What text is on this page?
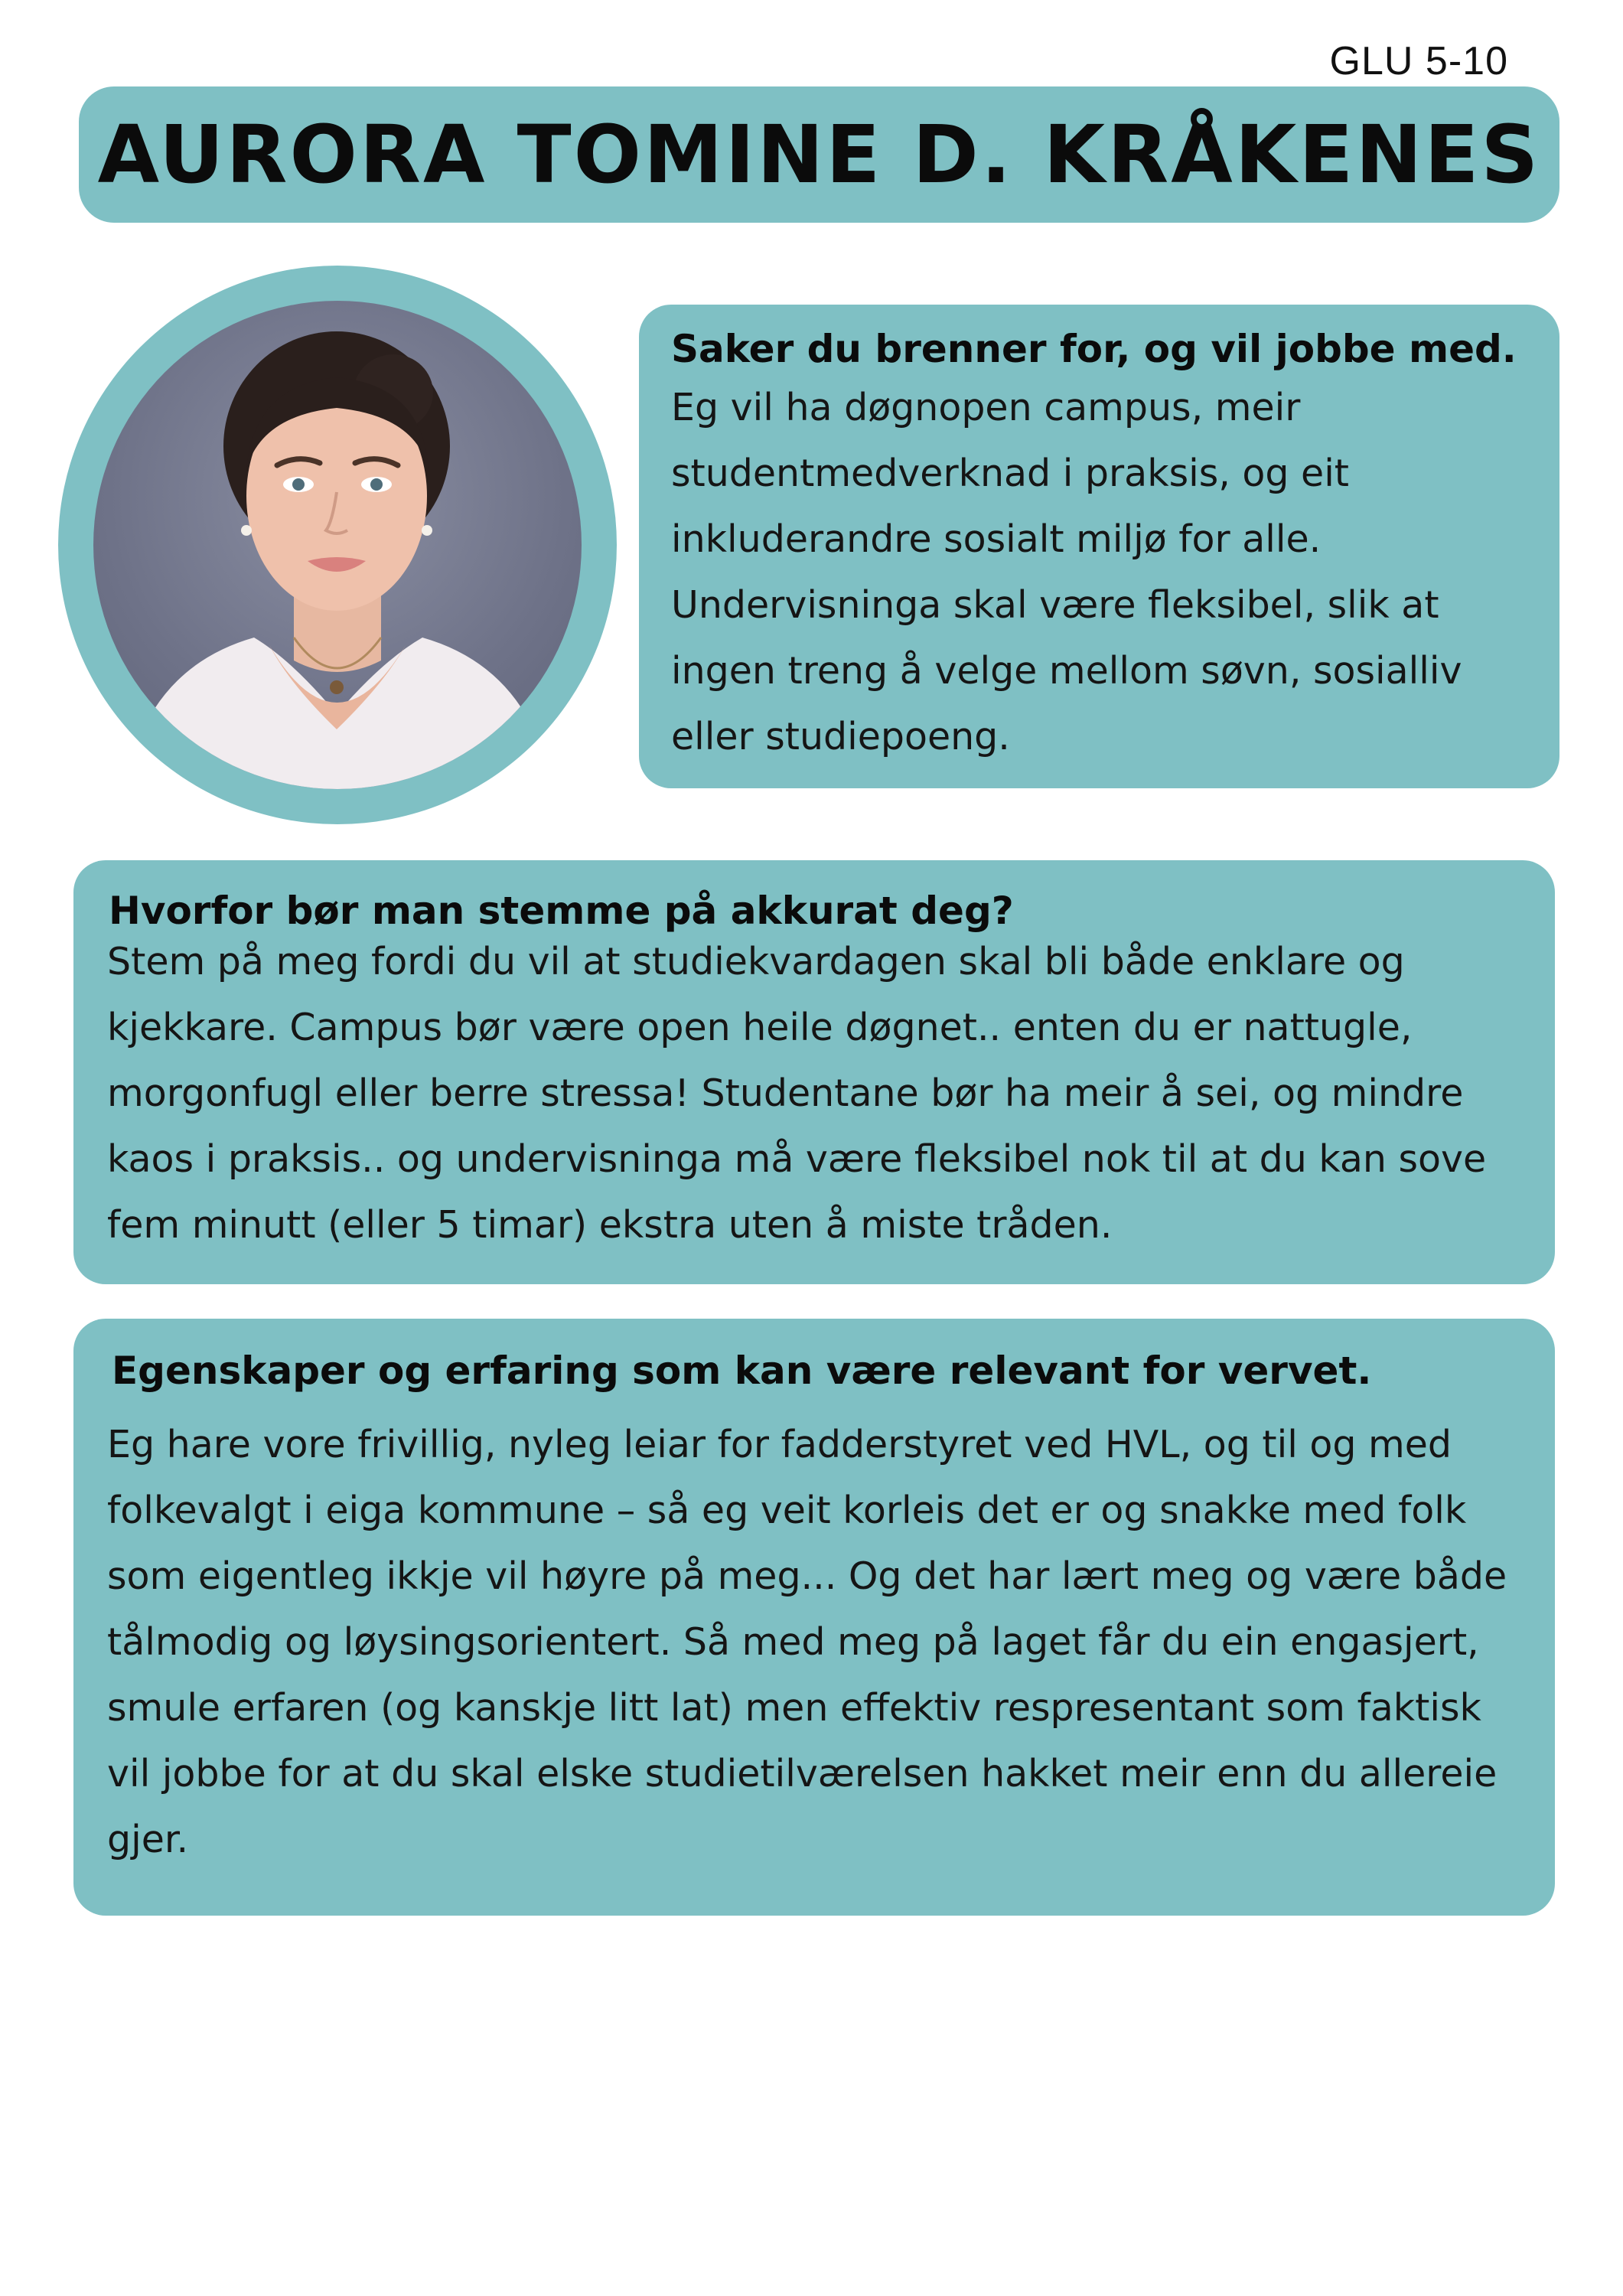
GLU 5-10
AURORA TOMINE D. KRÅKENES
Saker du brenner for, og vil jobbe med.

Eg vil ha døgnopen campus, meir studentmedverknad i praksis, og eit inkluderandre sosialt miljø for alle. Undervisninga skal være fleksibel, slik at ingen treng å velge mellom søvn, sosialliv eller studiepoeng.

Hvorfor bør man stemme på akkurat deg?

Stem på meg fordi du vil at studiekvardagen skal bli både enklare og kjekkare. Campus bør være open heile døgnet.. enten du er nattugle, morgonfugl eller berre stressa! Studentane bør ha meir å sei, og mindre kaos i praksis.. og undervisninga må være fleksibel nok til at du kan sove fem minutt (eller 5 timar) ekstra uten å miste tråden.

Egenskaper og erfaring som kan være relevant for vervet.

Eg hare vore frivillig, nyleg leiar for fadderstyret ved HVL, og til og med folkevalgt i eiga kommune – så eg veit korleis det er og snakke med folk som eigentleg ikkje vil høyre på meg... Og det har lært meg og være både tålmodig og løysingsorientert. Så med meg på laget får du ein engasjert, smule erfaren (og kanskje litt lat) men effektiv respresentant som faktisk vil jobbe for at du skal elske studietilværelsen hakket meir enn du allereie gjer.
